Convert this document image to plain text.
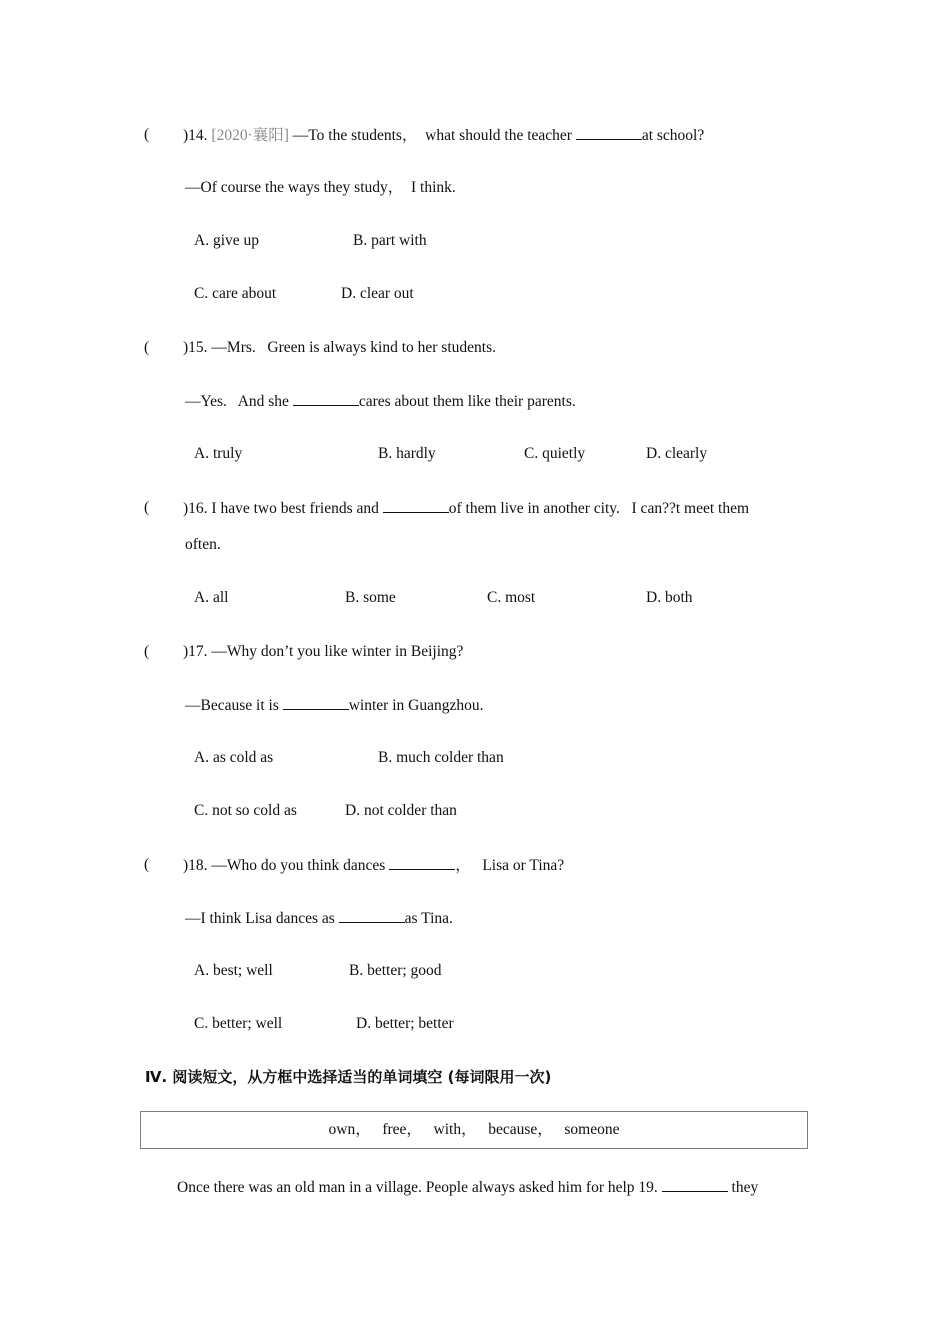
( )14. [2020·襄阳] —To the students，  what should the teacher	at school?
—Of course the ways they study，  I think.
A. give up	B. part with
C. care about	D. clear out
( )15. —Mrs.   Green is always kind to her students.
—Yes.   And she	cares about them like their parents.
A. truly	B. hardly	C. quietly	D. clearly
( )16. I have two best friends and	of them live in another city.   I can??t meet them
often.
A. all	B. some	C. most	D. both
( )17. —Why don’t you like winter in Beijing?
—Because it is	winter in Guangzhou.
A. as cold as	B. much colder than
C. not so cold as	D. not colder than
( )18. —Who do you think dances	，   Lisa or Tina?
—I think Lisa dances as	as Tina.
A. best; well	B. better; good
C. better; well	D. better; better
Ⅳ. 阅读短文，从方框中选择适当的单词填空 (每词限用一次)
own，   free，   with，   because，   someone
Once there was an old man in a village. People always asked him for help 19.	they
